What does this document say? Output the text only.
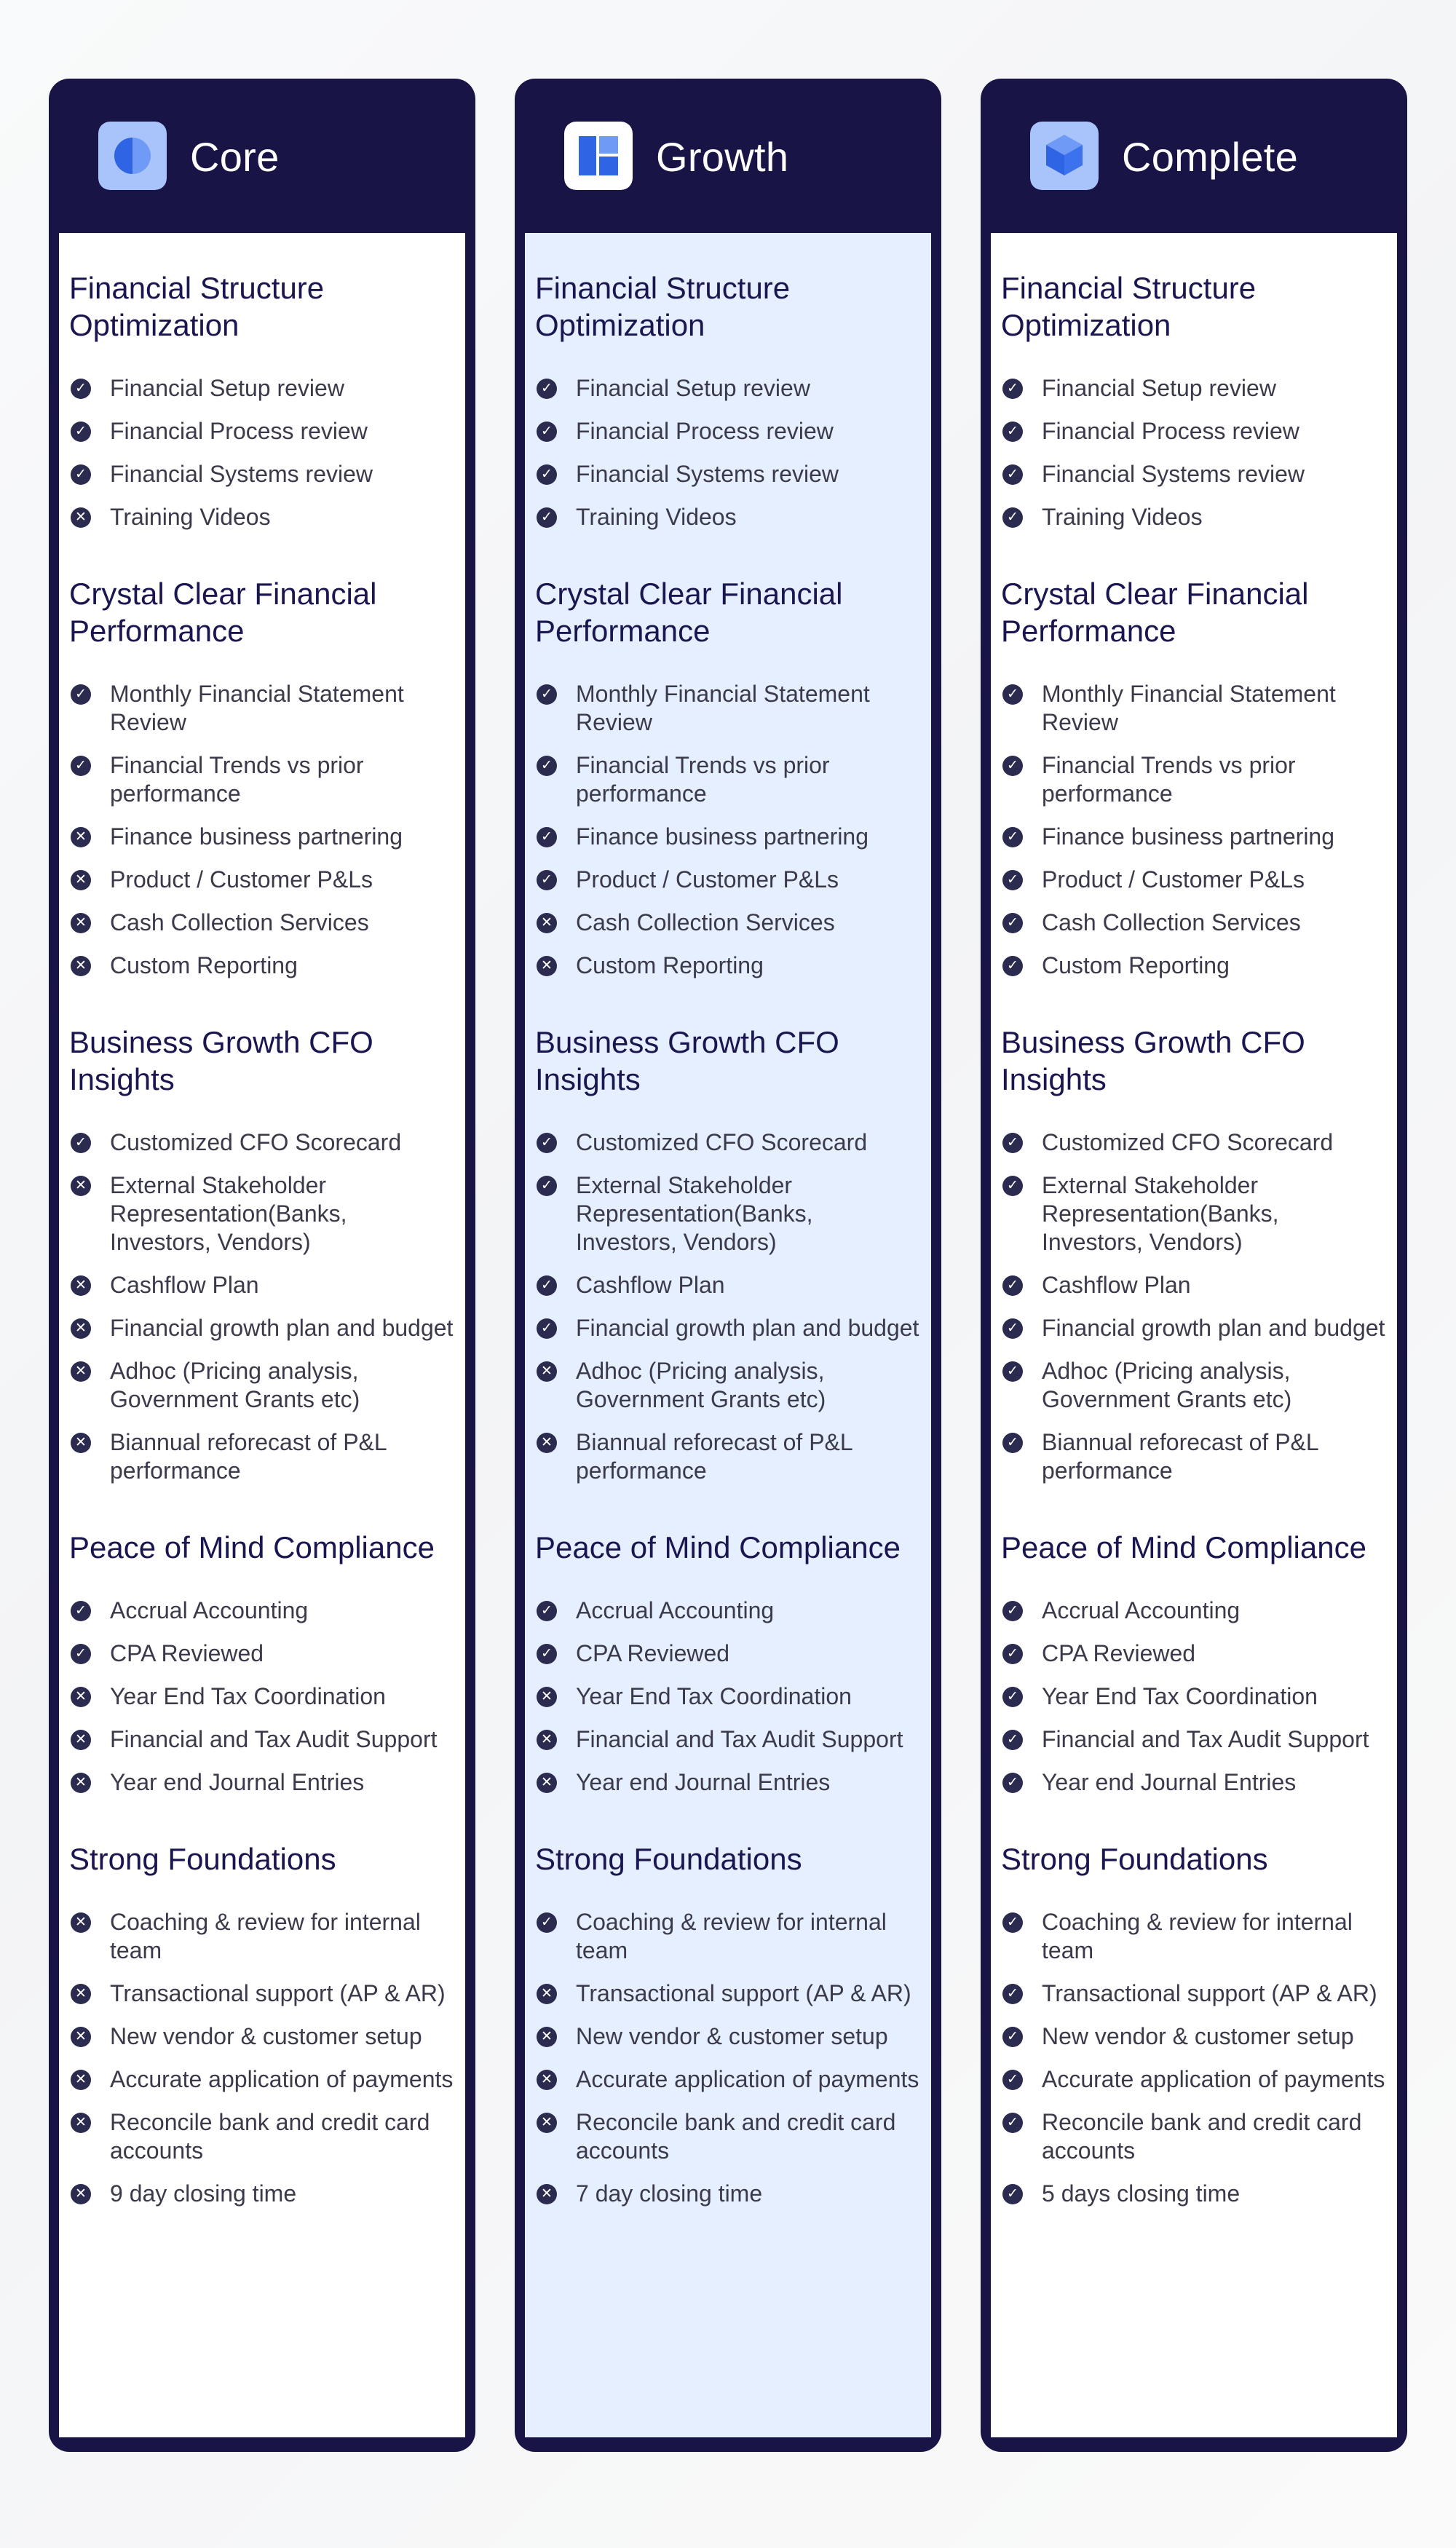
Core
Financial Structure Optimization
✓ Financial Setup review
✓ Financial Process review
✓ Financial Systems review
✕ Training Videos
Crystal Clear Financial Performance
✓ Monthly Financial Statement Review
✓ Financial Trends vs prior performance
✕ Finance business partnering
✕ Product / Customer P&Ls
✕ Cash Collection Services
✕ Custom Reporting
Business Growth CFO Insights
✓ Customized CFO Scorecard
✕ External Stakeholder Representation(Banks, Investors, Vendors)
✕ Cashflow Plan
✕ Financial growth plan and budget
✕ Adhoc (Pricing analysis, Government Grants etc)
✕ Biannual reforecast of P&L performance
Peace of Mind Compliance
✓ Accrual Accounting
✓ CPA Reviewed
✕ Year End Tax Coordination
✕ Financial and Tax Audit Support
✕ Year end Journal Entries
Strong Foundations
✕ Coaching & review for internal team
✕ Transactional support (AP & AR)
✕ New vendor & customer setup
✕ Accurate application of payments
✕ Reconcile bank and credit card accounts
✕ 9 day closing time
Growth
Financial Structure Optimization
✓ Financial Setup review
✓ Financial Process review
✓ Financial Systems review
✓ Training Videos
Crystal Clear Financial Performance
✓ Monthly Financial Statement Review
✓ Financial Trends vs prior performance
✓ Finance business partnering
✓ Product / Customer P&Ls
✕ Cash Collection Services
✕ Custom Reporting
Business Growth CFO Insights
✓ Customized CFO Scorecard
✓ External Stakeholder Representation(Banks, Investors, Vendors)
✓ Cashflow Plan
✓ Financial growth plan and budget
✕ Adhoc (Pricing analysis, Government Grants etc)
✕ Biannual reforecast of P&L performance
Peace of Mind Compliance
✓ Accrual Accounting
✓ CPA Reviewed
✕ Year End Tax Coordination
✕ Financial and Tax Audit Support
✕ Year end Journal Entries
Strong Foundations
✓ Coaching & review for internal team
✕ Transactional support (AP & AR)
✕ New vendor & customer setup
✕ Accurate application of payments
✕ Reconcile bank and credit card accounts
✕ 7 day closing time
Complete
Financial Structure Optimization
✓ Financial Setup review
✓ Financial Process review
✓ Financial Systems review
✓ Training Videos
Crystal Clear Financial Performance
✓ Monthly Financial Statement Review
✓ Financial Trends vs prior performance
✓ Finance business partnering
✓ Product / Customer P&Ls
✓ Cash Collection Services
✓ Custom Reporting
Business Growth CFO Insights
✓ Customized CFO Scorecard
✓ External Stakeholder Representation(Banks, Investors, Vendors)
✓ Cashflow Plan
✓ Financial growth plan and budget
✓ Adhoc (Pricing analysis, Government Grants etc)
✓ Biannual reforecast of P&L performance
Peace of Mind Compliance
✓ Accrual Accounting
✓ CPA Reviewed
✓ Year End Tax Coordination
✓ Financial and Tax Audit Support
✓ Year end Journal Entries
Strong Foundations
✓ Coaching & review for internal team
✓ Transactional support (AP & AR)
✓ New vendor & customer setup
✓ Accurate application of payments
✓ Reconcile bank and credit card accounts
✓ 5 days closing time
